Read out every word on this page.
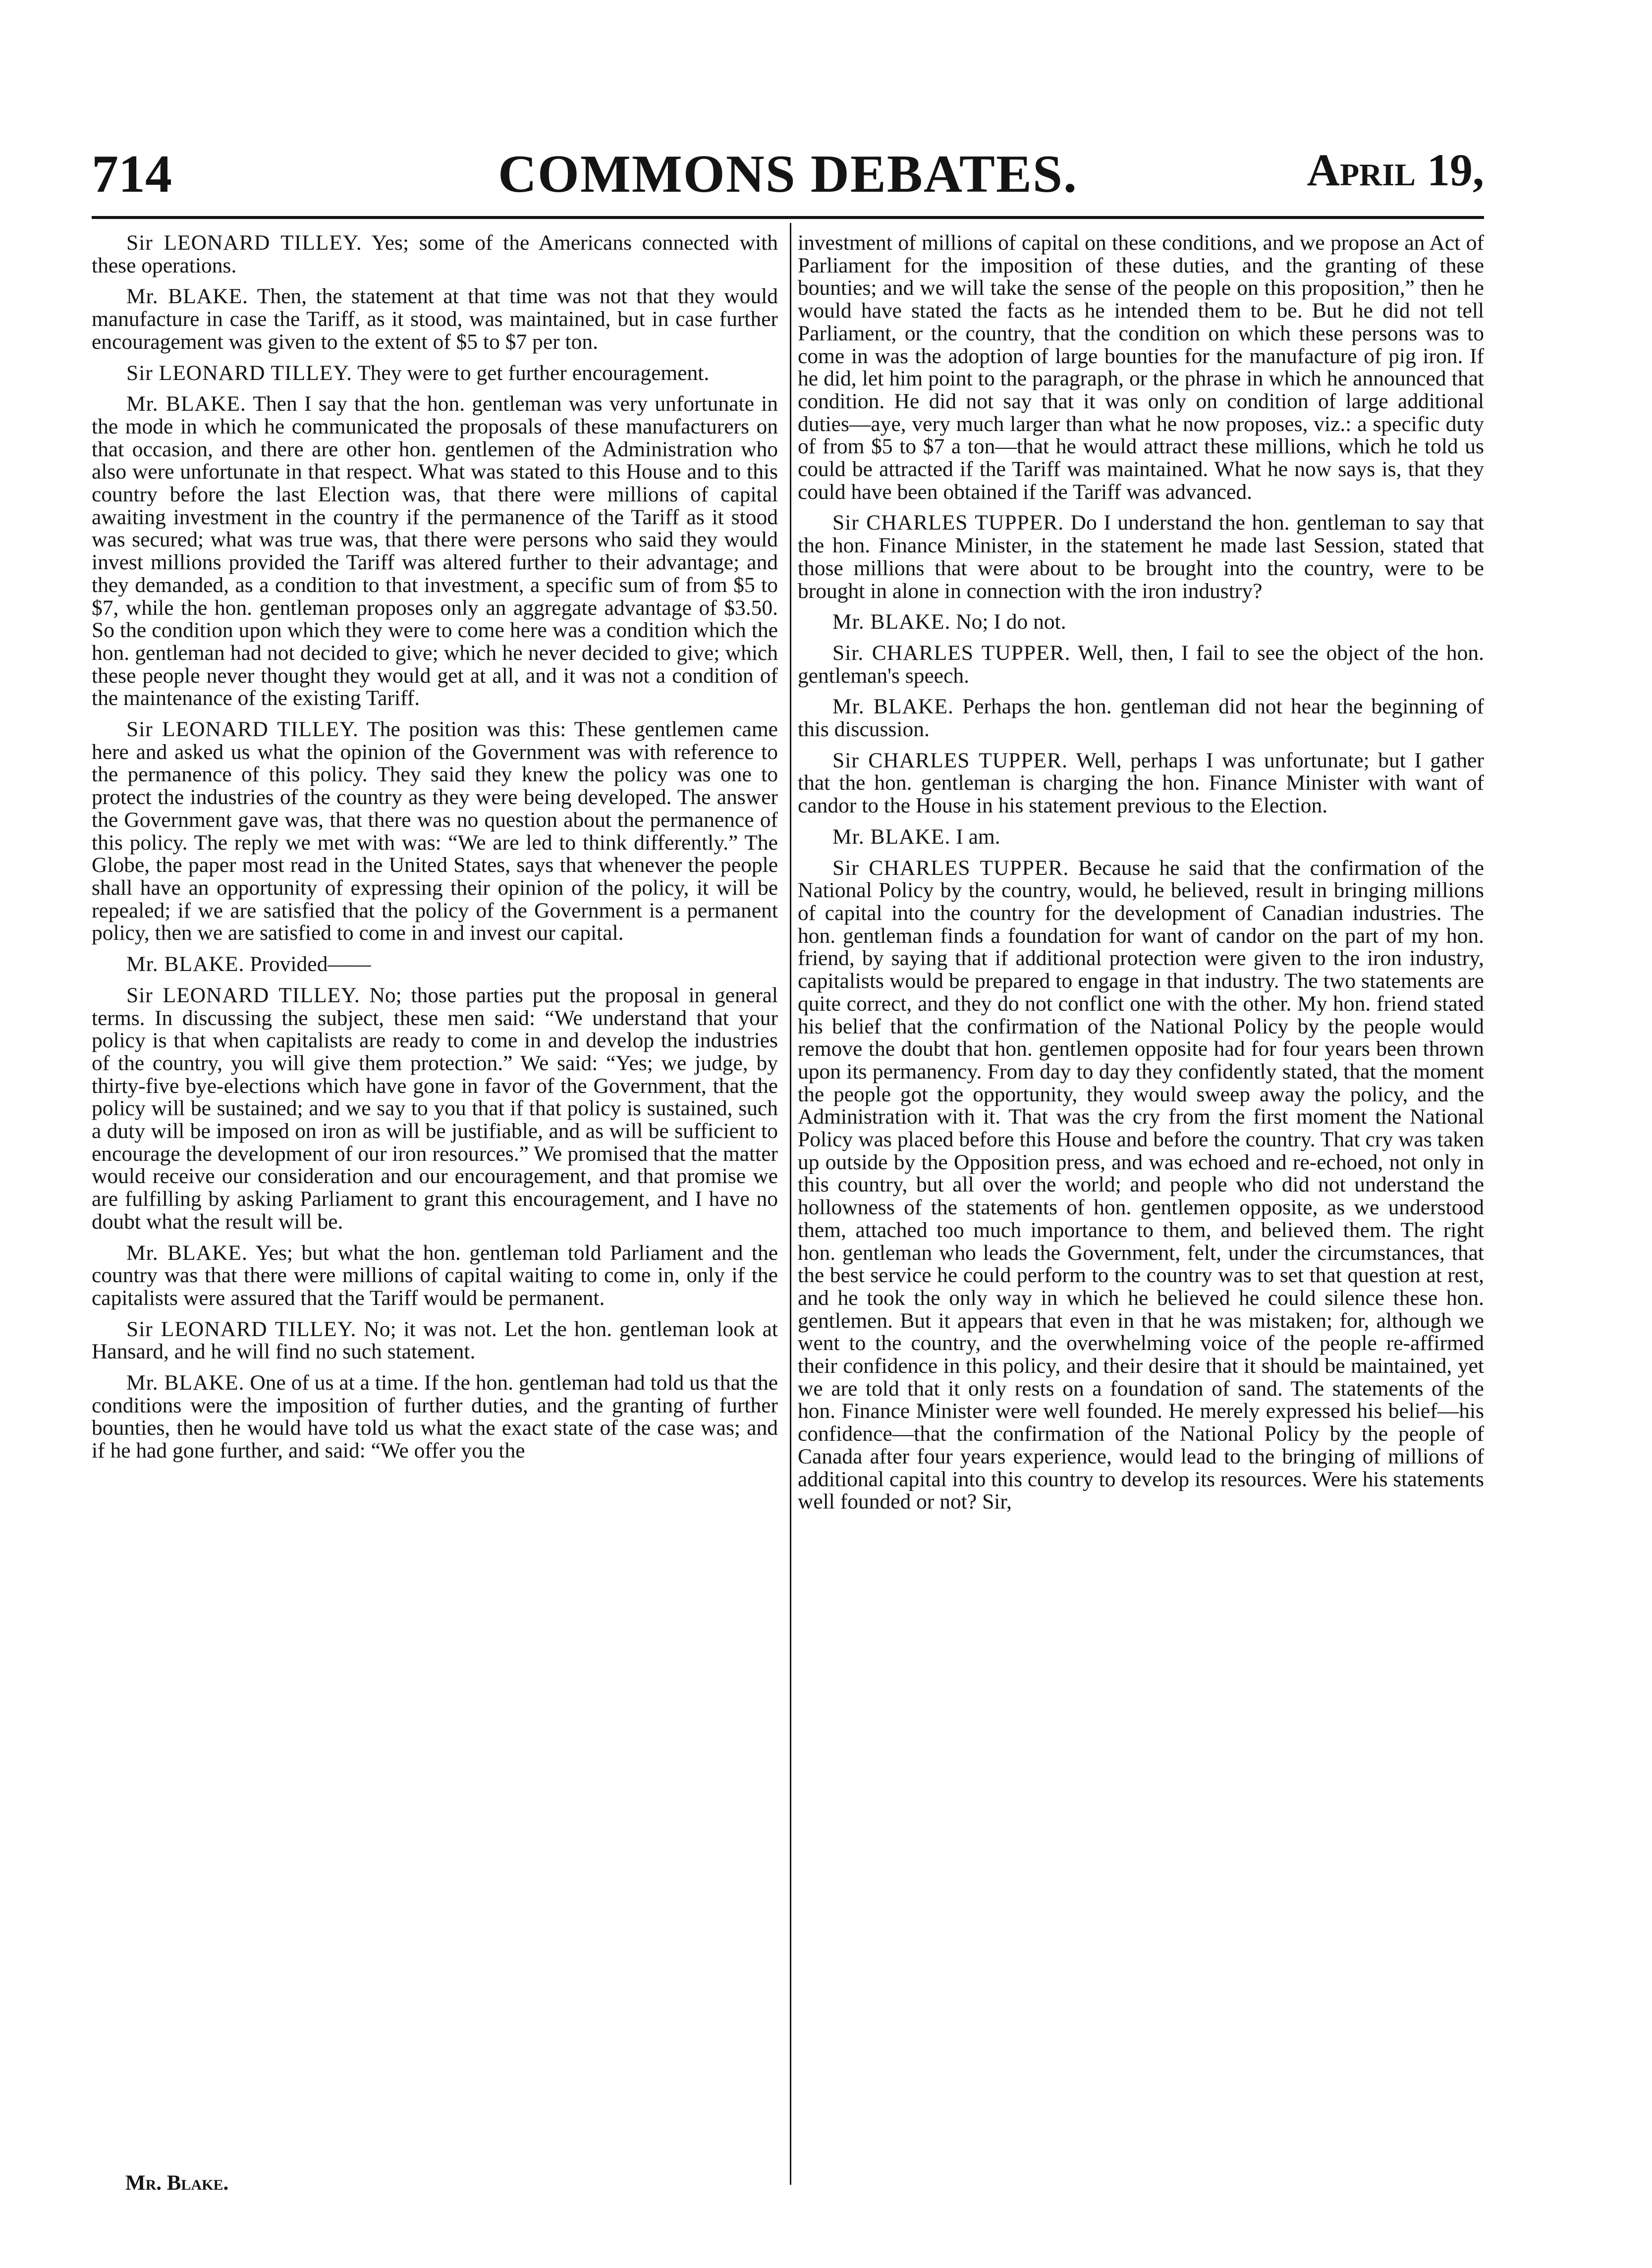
714	COMMONS DEBATES.	April 19,

Sir LEONARD TILLEY. Yes; some of the Americans connected with these operations.

Mr. BLAKE. Then, the statement at that time was not that they would manufacture in case the Tariff, as it stood, was maintained, but in case further encouragement was given to the extent of $5 to $7 per ton.

Sir LEONARD TILLEY. They were to get further encouragement.

Mr. BLAKE. Then I say that the hon. gentleman was very unfortunate in the mode in which he communicated the proposals of these manufacturers on that occasion, and there are other hon. gentlemen of the Administration who also were unfortunate in that respect. What was stated to this House and to this country before the last Election was, that there were millions of capital awaiting investment in the country if the permanence of the Tariff as it stood was secured; what was true was, that there were persons who said they would invest millions provided the Tariff was altered further to their advantage; and they demanded, as a condition to that investment, a specific sum of from $5 to $7, while the hon. gentleman proposes only an aggregate advantage of $3.50. So the condition upon which they were to come here was a condition which the hon. gentleman had not decided to give; which he never decided to give; which these people never thought they would get at all, and it was not a condition of the maintenance of the existing Tariff.

Sir LEONARD TILLEY. The position was this: These gentlemen came here and asked us what the opinion of the Government was with reference to the permanence of this policy. They said they knew the policy was one to protect the industries of the country as they were being developed. The answer the Government gave was, that there was no question about the permanence of this policy. The reply we met with was: “We are led to think differently.” The Globe, the paper most read in the United States, says that whenever the people shall have an opportunity of expressing their opinion of the policy, it will be repealed; if we are satisfied that the policy of the Government is a permanent policy, then we are satisfied to come in and invest our capital.

Mr. BLAKE. Provided——

Sir LEONARD TILLEY. No; those parties put the proposal in general terms. In discussing the subject, these men said: “We understand that your policy is that when capitalists are ready to come in and develop the industries of the country, you will give them protection.” We said: “Yes; we judge, by thirty-five bye-elections which have gone in favor of the Government, that the policy will be sustained; and we say to you that if that policy is sustained, such a duty will be imposed on iron as will be justifiable, and as will be sufficient to encourage the development of our iron resources.” We promised that the matter would receive our consideration and our encouragement, and that promise we are fulfilling by asking Parliament to grant this encouragement, and I have no doubt what the result will be.

Mr. BLAKE. Yes; but what the hon. gentleman told Parliament and the country was that there were millions of capital waiting to come in, only if the capitalists were assured that the Tariff would be permanent.

Sir LEONARD TILLEY. No; it was not. Let the hon. gentleman look at Hansard, and he will find no such statement.

Mr. BLAKE. One of us at a time. If the hon. gentleman had told us that the conditions were the imposition of further duties, and the granting of further bounties, then he would have told us what the exact state of the case was; and if he had gone further, and said: “We offer you the

investment of millions of capital on these conditions, and we propose an Act of Parliament for the imposition of these duties, and the granting of these bounties; and we will take the sense of the people on this proposition,” then he would have stated the facts as he intended them to be. But he did not tell Parliament, or the country, that the condition on which these persons was to come in was the adoption of large bounties for the manufacture of pig iron. If he did, let him point to the paragraph, or the phrase in which he announced that condition. He did not say that it was only on condition of large additional duties—aye, very much larger than what he now proposes, viz.: a specific duty of from $5 to $7 a ton—that he would attract these millions, which he told us could be attracted if the Tariff was maintained. What he now says is, that they could have been obtained if the Tariff was advanced.

Sir CHARLES TUPPER. Do I understand the hon. gentleman to say that the hon. Finance Minister, in the statement he made last Session, stated that those millions that were about to be brought into the country, were to be brought in alone in connection with the iron industry?

Mr. BLAKE. No; I do not.

Sir. CHARLES TUPPER. Well, then, I fail to see the object of the hon. gentleman's speech.

Mr. BLAKE. Perhaps the hon. gentleman did not hear the beginning of this discussion.

Sir CHARLES TUPPER. Well, perhaps I was unfortunate; but I gather that the hon. gentleman is charging the hon. Finance Minister with want of candor to the House in his statement previous to the Election.

Mr. BLAKE. I am.

Sir CHARLES TUPPER. Because he said that the confirmation of the National Policy by the country, would, he believed, result in bringing millions of capital into the country for the development of Canadian industries. The hon. gentleman finds a foundation for want of candor on the part of my hon. friend, by saying that if additional protection were given to the iron industry, capitalists would be prepared to engage in that industry. The two statements are quite correct, and they do not conflict one with the other. My hon. friend stated his belief that the confirmation of the National Policy by the people would remove the doubt that hon. gentlemen opposite had for four years been thrown upon its permanency. From day to day they confidently stated, that the moment the people got the opportunity, they would sweep away the policy, and the Administration with it. That was the cry from the first moment the National Policy was placed before this House and before the country. That cry was taken up outside by the Opposition press, and was echoed and re-echoed, not only in this country, but all over the world; and people who did not understand the hollowness of the statements of hon. gentlemen opposite, as we understood them, attached too much importance to them, and believed them. The right hon. gentleman who leads the Government, felt, under the circumstances, that the best service he could perform to the country was to set that question at rest, and he took the only way in which he believed he could silence these hon. gentlemen. But it appears that even in that he was mistaken; for, although we went to the country, and the overwhelming voice of the people re-affirmed their confidence in this policy, and their desire that it should be maintained, yet we are told that it only rests on a foundation of sand. The statements of the hon. Finance Minister were well founded. He merely expressed his belief—his confidence—that the confirmation of the National Policy by the people of Canada after four years experience, would lead to the bringing of millions of additional capital into this country to develop its resources. Were his statements well founded or not? Sir,

Mr. Blake.
